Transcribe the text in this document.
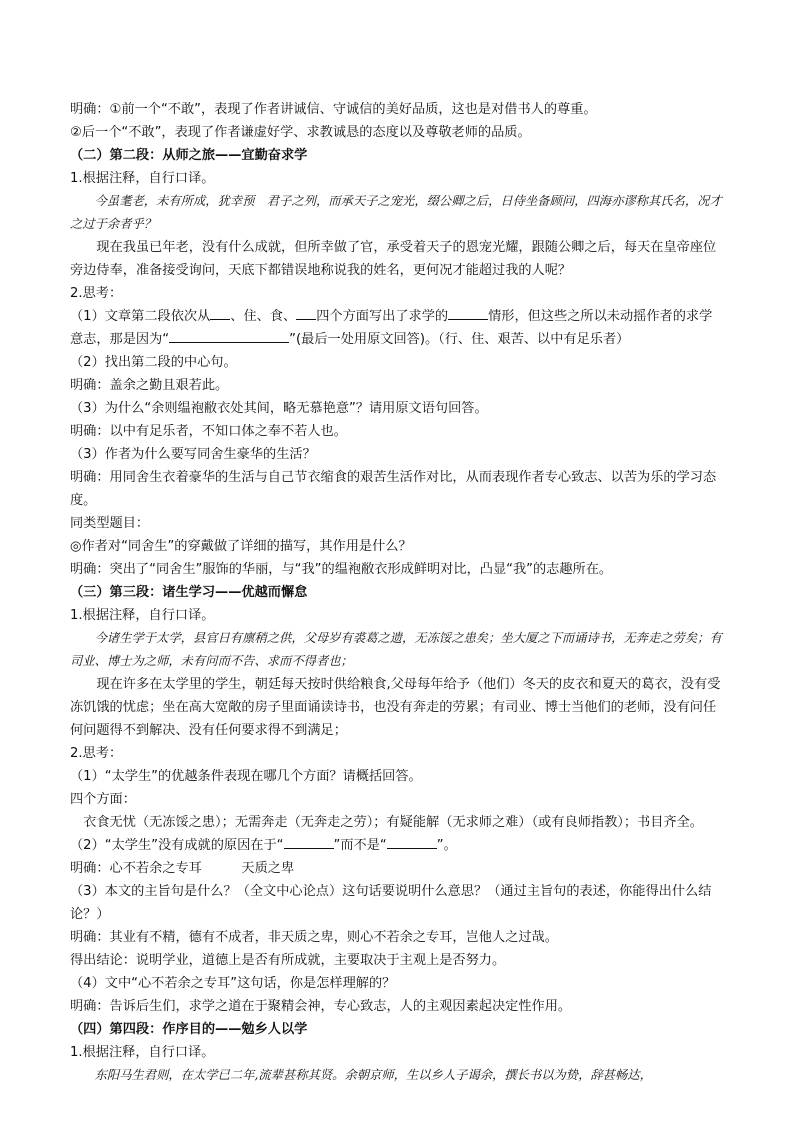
明确：①前一个“不敢”，表现了作者讲诚信、守诚信的美好品质，这也是对借书人的尊重。

②后一个“不敢”，表现了作者谦虚好学、求教诚恳的态度以及尊敬老师的品质。

（二）第二段：从师之旅——宜勤奋求学

1.根据注释，自行口译。

今虽耄老，未有所成，犹幸预　君子之列，而承天子之宠光，缀公卿之后，日侍坐备顾问，四海亦谬称其氏名，况才之过于余者乎？

现在我虽已年老，没有什么成就，但所幸做了官，承受着天子的恩宠光耀，跟随公卿之后，每天在皇帝座位旁边侍奉，准备接受询问，天底下都错误地称说我的姓名，更何况才能超过我的人呢？

2.思考：

（1）文章第二段依次从 、住、食、 四个方面写出了求学的	情形，但这些之所以未动摇作者的求学意志，那是因为“	”(最后一处用原文回答)。（行、住、艰苦、以中有足乐者）

（2）找出第二段的中心句。

明确：盖余之勤且艰若此。

（3）为什么“余则缊袍敝衣处其间，略无慕艳意”？请用原文语句回答。

明确：以中有足乐者，不知口体之奉不若人也。

（3）作者为什么要写同舍生豪华的生活？

明确：用同舍生衣着豪华的生活与自己节衣缩食的艰苦生活作对比，从而表现作者专心致志、以苦为乐的学习态度。

同类型题目：

◎作者对“同舍生”的穿戴做了详细的描写，其作用是什么？

明确：突出了“同舍生”服饰的华丽，与“我”的缊袍敝衣形成鲜明对比，凸显“我”的志趣所在。

（三）第三段：诸生学习——优越而懈怠

1.根据注释，自行口译。

今诸生学于太学，县官日有廪稍之供，父母岁有裘葛之遗，无冻馁之患矣；坐大厦之下而诵诗书，无奔走之劳矣；有司业、博士为之师，未有问而不告、求而不得者也；

现在许多在太学里的学生，朝廷每天按时供给粮食,父母每年给予（他们）冬天的皮衣和夏天的葛衣，没有受冻饥饿的忧虑；坐在高大宽敞的房子里面诵读诗书，也没有奔走的劳累；有司业、博士当他们的老师，没有问任何问题得不到解决、没有任何要求得不到满足；

2.思考：

（1）“太学生”的优越条件表现在哪几个方面？请概括回答。

四个方面：

衣食无忧（无冻馁之患）；无需奔走（无奔走之劳）；有疑能解（无求师之难）（或有良师指教）；书目齐全。

（2）“太学生”没有成就的原因在于“	”而不是“	”。

明确：心不若余之专耳　　　天质之卑

（3）本文的主旨句是什么？（全文中心论点）这句话要说明什么意思？（通过主旨句的表述，你能得出什么结论？）

明确：其业有不精，德有不成者，非天质之卑，则心不若余之专耳，岂他人之过哉。

得出结论：说明学业，道德上是否有所成就，主要取决于主观上是否努力。

（4）文中“心不若余之专耳”这句话，你是怎样理解的？

明确：告诉后生们，求学之道在于聚精会神，专心致志，人的主观因素起决定性作用。

（四）第四段：作序目的——勉乡人以学

1.根据注释，自行口译。

东阳马生君则，在太学已二年,流辈甚称其贤。余朝京师，生以乡人子谒余，撰长书以为贽，辞甚畅达，
